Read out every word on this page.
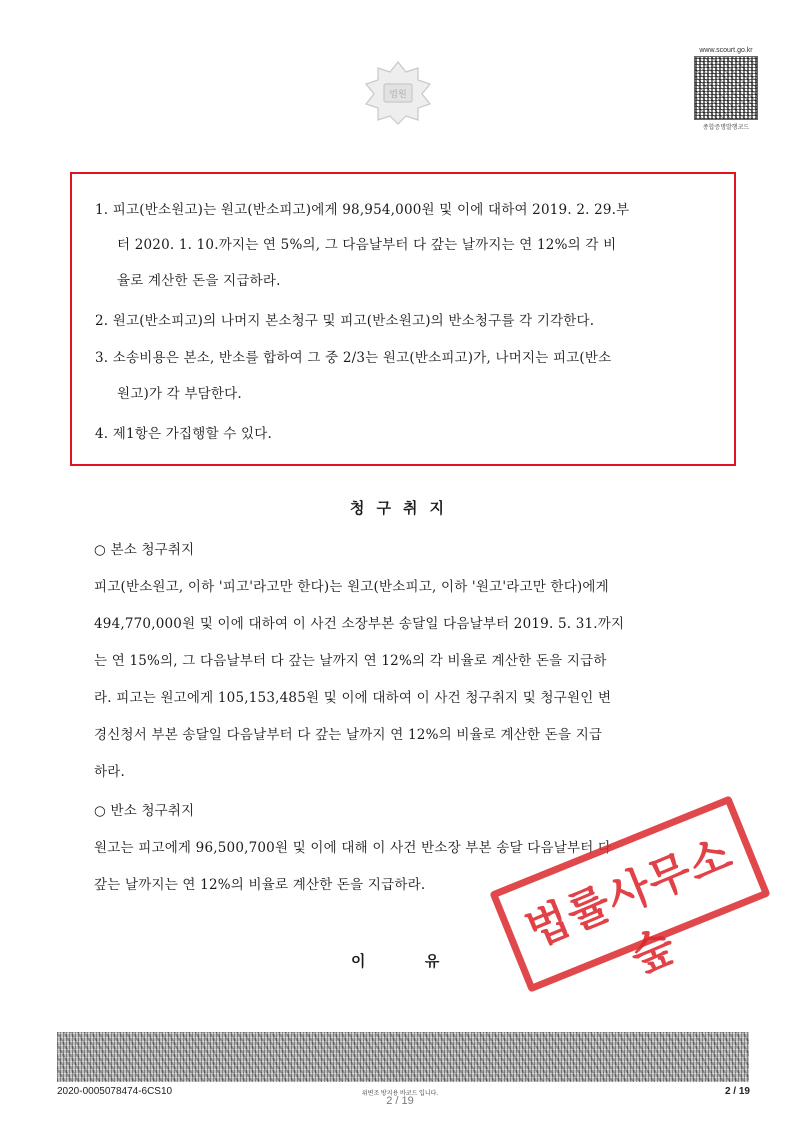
법원
www.scourt.go.kr
종합증명발행코드
1. 피고(반소원고)는 원고(반소피고)에게 98,954,000원 및 이에 대하여 2019. 2. 29.부
터 2020. 1. 10.까지는 연 5%의, 그 다음날부터 다 갚는 날까지는 연 12%의 각 비
율로 계산한 돈을 지급하라.
2. 원고(반소피고)의 나머지 본소청구 및 피고(반소원고)의 반소청구를 각 기각한다.
3. 소송비용은 본소, 반소를 합하여 그 중 2/3는 원고(반소피고)가, 나머지는 피고(반소
원고)가 각 부담한다.
4. 제1항은 가집행할 수 있다.
청구취지
○ 본소 청구취지
피고(반소원고, 이하 '피고'라고만 한다)는 원고(반소피고, 이하 '원고'라고만 한다)에게
494,770,000원 및 이에 대하여 이 사건 소장부본 송달일 다음날부터 2019. 5. 31.까지
는 연 15%의, 그 다음날부터 다 갚는 날까지 연 12%의 각 비율로 계산한 돈을 지급하
라. 피고는 원고에게 105,153,485원 및 이에 대하여 이 사건 청구취지 및 청구원인 변
경신청서 부본 송달일 다음날부터 다 갚는 날까지 연 12%의 비율로 계산한 돈을 지급
하라.
○ 반소 청구취지
원고는 피고에게 96,500,700원 및 이에 대해 이 사건 반소장 부본 송달 다음날부터 다
갚는 날까지는 연 12%의 비율로 계산한 돈을 지급하라.
이      유
법률사무소 숲
2020-0005078474-6CS10	위변조 방지용 바코드 입니다.
2 / 19
2 / 19
